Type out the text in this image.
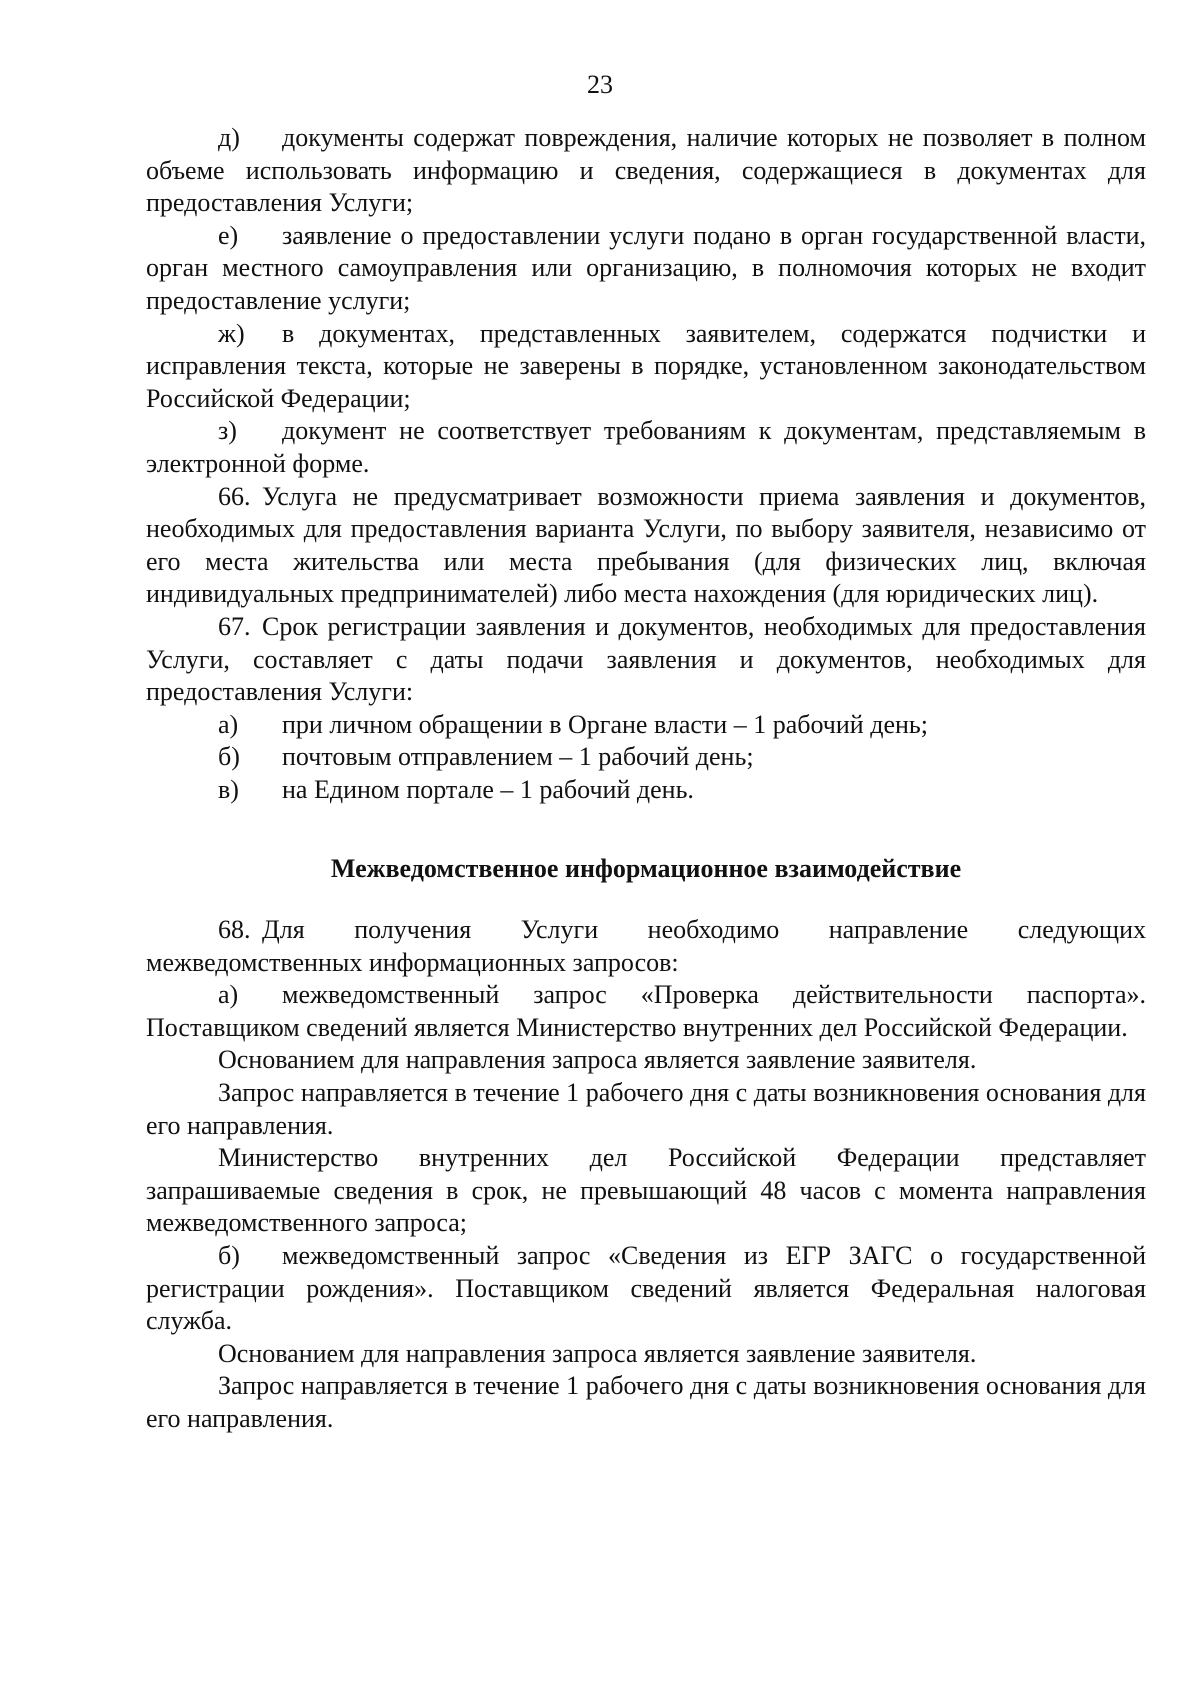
23

д) документы содержат повреждения, наличие которых не позволяет в полном объеме использовать информацию и сведения, содержащиеся в документах для предоставления Услуги;

е) заявление о предоставлении услуги подано в орган государственной власти, орган местного самоуправления или организацию, в полномочия которых не входит предоставление услуги;

ж) в документах, представленных заявителем, содержатся подчистки и исправления текста, которые не заверены в порядке, установленном законодательством Российской Федерации;

з) документ не соответствует требованиям к документам, представляемым в электронной форме.

66. Услуга не предусматривает возможности приема заявления и документов, необходимых для предоставления варианта Услуги, по выбору заявителя, независимо от его места жительства или места пребывания (для физических лиц, включая индивидуальных предпринимателей) либо места нахождения (для юридических лиц).

67. Срок регистрации заявления и документов, необходимых для предоставления Услуги, составляет с даты подачи заявления и документов, необходимых для предоставления Услуги:

а) при личном обращении в Органе власти – 1 рабочий день;

б) почтовым отправлением – 1 рабочий день;

в) на Едином портале – 1 рабочий день.

Межведомственное информационное взаимодействие

68. Для получения Услуги необходимо направление следующих межведомственных информационных запросов:

а) межведомственный запрос «Проверка действительности паспорта». Поставщиком сведений является Министерство внутренних дел Российской Федерации.

Основанием для направления запроса является заявление заявителя.

Запрос направляется в течение 1 рабочего дня с даты возникновения основания для его направления.

Министерство внутренних дел Российской Федерации представляет запрашиваемые сведения в срок, не превышающий 48 часов с момента направления межведомственного запроса;

б) межведомственный запрос «Сведения из ЕГР ЗАГС о государственной регистрации рождения». Поставщиком сведений является Федеральная налоговая служба.

Основанием для направления запроса является заявление заявителя.

Запрос направляется в течение 1 рабочего дня с даты возникновения основания для его направления.
